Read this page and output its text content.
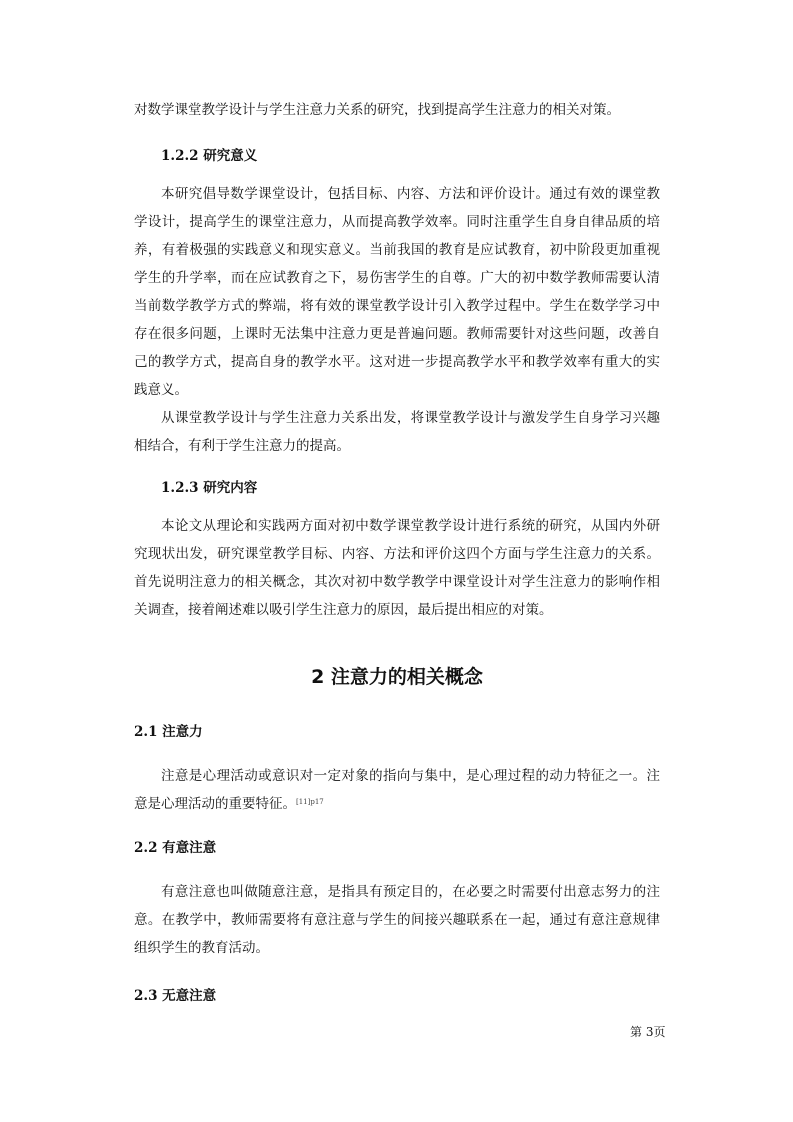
对数学课堂教学设计与学生注意力关系的研究，找到提高学生注意力的相关对策。

1.2.2 研究意义

本研究倡导数学课堂设计，包括目标、内容、方法和评价设计。通过有效的课堂教学设计，提高学生的课堂注意力，从而提高教学效率。同时注重学生自身自律品质的培养，有着极强的实践意义和现实意义。当前我国的教育是应试教育，初中阶段更加重视学生的升学率，而在应试教育之下，易伤害学生的自尊。广大的初中数学教师需要认清当前数学教学方式的弊端，将有效的课堂教学设计引入教学过程中。学生在数学学习中存在很多问题，上课时无法集中注意力更是普遍问题。教师需要针对这些问题，改善自己的教学方式，提高自身的教学水平。这对进一步提高教学水平和教学效率有重大的实践意义。

从课堂教学设计与学生注意力关系出发，将课堂教学设计与激发学生自身学习兴趣相结合，有利于学生注意力的提高。

1.2.3 研究内容

本论文从理论和实践两方面对初中数学课堂教学设计进行系统的研究，从国内外研究现状出发，研究课堂教学目标、内容、方法和评价这四个方面与学生注意力的关系。首先说明注意力的相关概念，其次对初中数学教学中课堂设计对学生注意力的影响作相关调查，接着阐述难以吸引学生注意力的原因，最后提出相应的对策。

2 注意力的相关概念
2.1 注意力

注意是心理活动或意识对一定对象的指向与集中，是心理过程的动力特征之一。注意是心理活动的重要特征。$^{[11]p17}$

2.2 有意注意

有意注意也叫做随意注意，是指具有预定目的，在必要之时需要付出意志努力的注意。在教学中，教师需要将有意注意与学生的间接兴趣联系在一起，通过有意注意规律组织学生的教育活动。

2.3 无意注意

第 3页
